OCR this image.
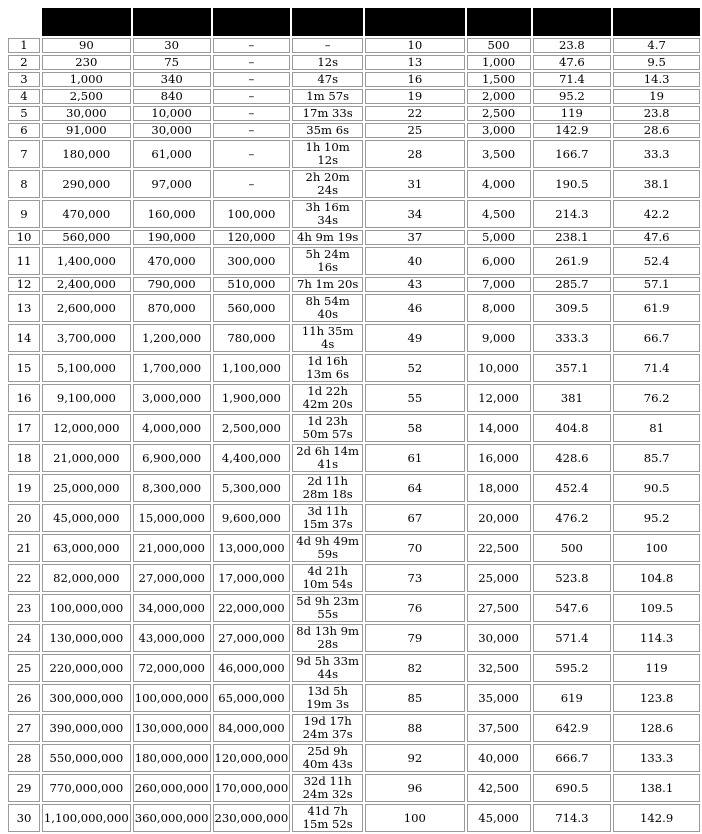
1	90	30	–	–	10	500	23.8	4.7
2	230	75	–	12s	13	1,000	47.6	9.5
3	1,000	340	–	47s	16	1,500	71.4	14.3
4	2,500	840	–	1m 57s	19	2,000	95.2	19
5	30,000	10,000	–	17m 33s	22	2,500	119	23.8
6	91,000	30,000	–	35m 6s	25	3,000	142.9	28.6
7	180,000	61,000	–	1h 10m 12s	28	3,500	166.7	33.3
8	290,000	97,000	–	2h 20m 24s	31	4,000	190.5	38.1
9	470,000	160,000	100,000	3h 16m 34s	34	4,500	214.3	42.2
10	560,000	190,000	120,000	4h 9m 19s	37	5,000	238.1	47.6
11	1,400,000	470,000	300,000	5h 24m 16s	40	6,000	261.9	52.4
12	2,400,000	790,000	510,000	7h 1m 20s	43	7,000	285.7	57.1
13	2,600,000	870,000	560,000	8h 54m 40s	46	8,000	309.5	61.9
14	3,700,000	1,200,000	780,000	11h 35m 4s	49	9,000	333.3	66.7
15	5,100,000	1,700,000	1,100,000	1d 16h 13m 6s	52	10,000	357.1	71.4
16	9,100,000	3,000,000	1,900,000	1d 22h 42m 20s	55	12,000	381	76.2
17	12,000,000	4,000,000	2,500,000	1d 23h 50m 57s	58	14,000	404.8	81
18	21,000,000	6,900,000	4,400,000	2d 6h 14m 41s	61	16,000	428.6	85.7
19	25,000,000	8,300,000	5,300,000	2d 11h 28m 18s	64	18,000	452.4	90.5
20	45,000,000	15,000,000	9,600,000	3d 11h 15m 37s	67	20,000	476.2	95.2
21	63,000,000	21,000,000	13,000,000	4d 9h 49m 59s	70	22,500	500	100
22	82,000,000	27,000,000	17,000,000	4d 21h 10m 54s	73	25,000	523.8	104.8
23	100,000,000	34,000,000	22,000,000	5d 9h 23m 55s	76	27,500	547.6	109.5
24	130,000,000	43,000,000	27,000,000	8d 13h 9m 28s	79	30,000	571.4	114.3
25	220,000,000	72,000,000	46,000,000	9d 5h 33m 44s	82	32,500	595.2	119
26	300,000,000	100,000,000	65,000,000	13d 5h 19m 3s	85	35,000	619	123.8
27	390,000,000	130,000,000	84,000,000	19d 17h 24m 37s	88	37,500	642.9	128.6
28	550,000,000	180,000,000	120,000,000	25d 9h 40m 43s	92	40,000	666.7	133.3
29	770,000,000	260,000,000	170,000,000	32d 11h 24m 32s	96	42,500	690.5	138.1
30	1,100,000,000	360,000,000	230,000,000	41d 7h 15m 52s	100	45,000	714.3	142.9
